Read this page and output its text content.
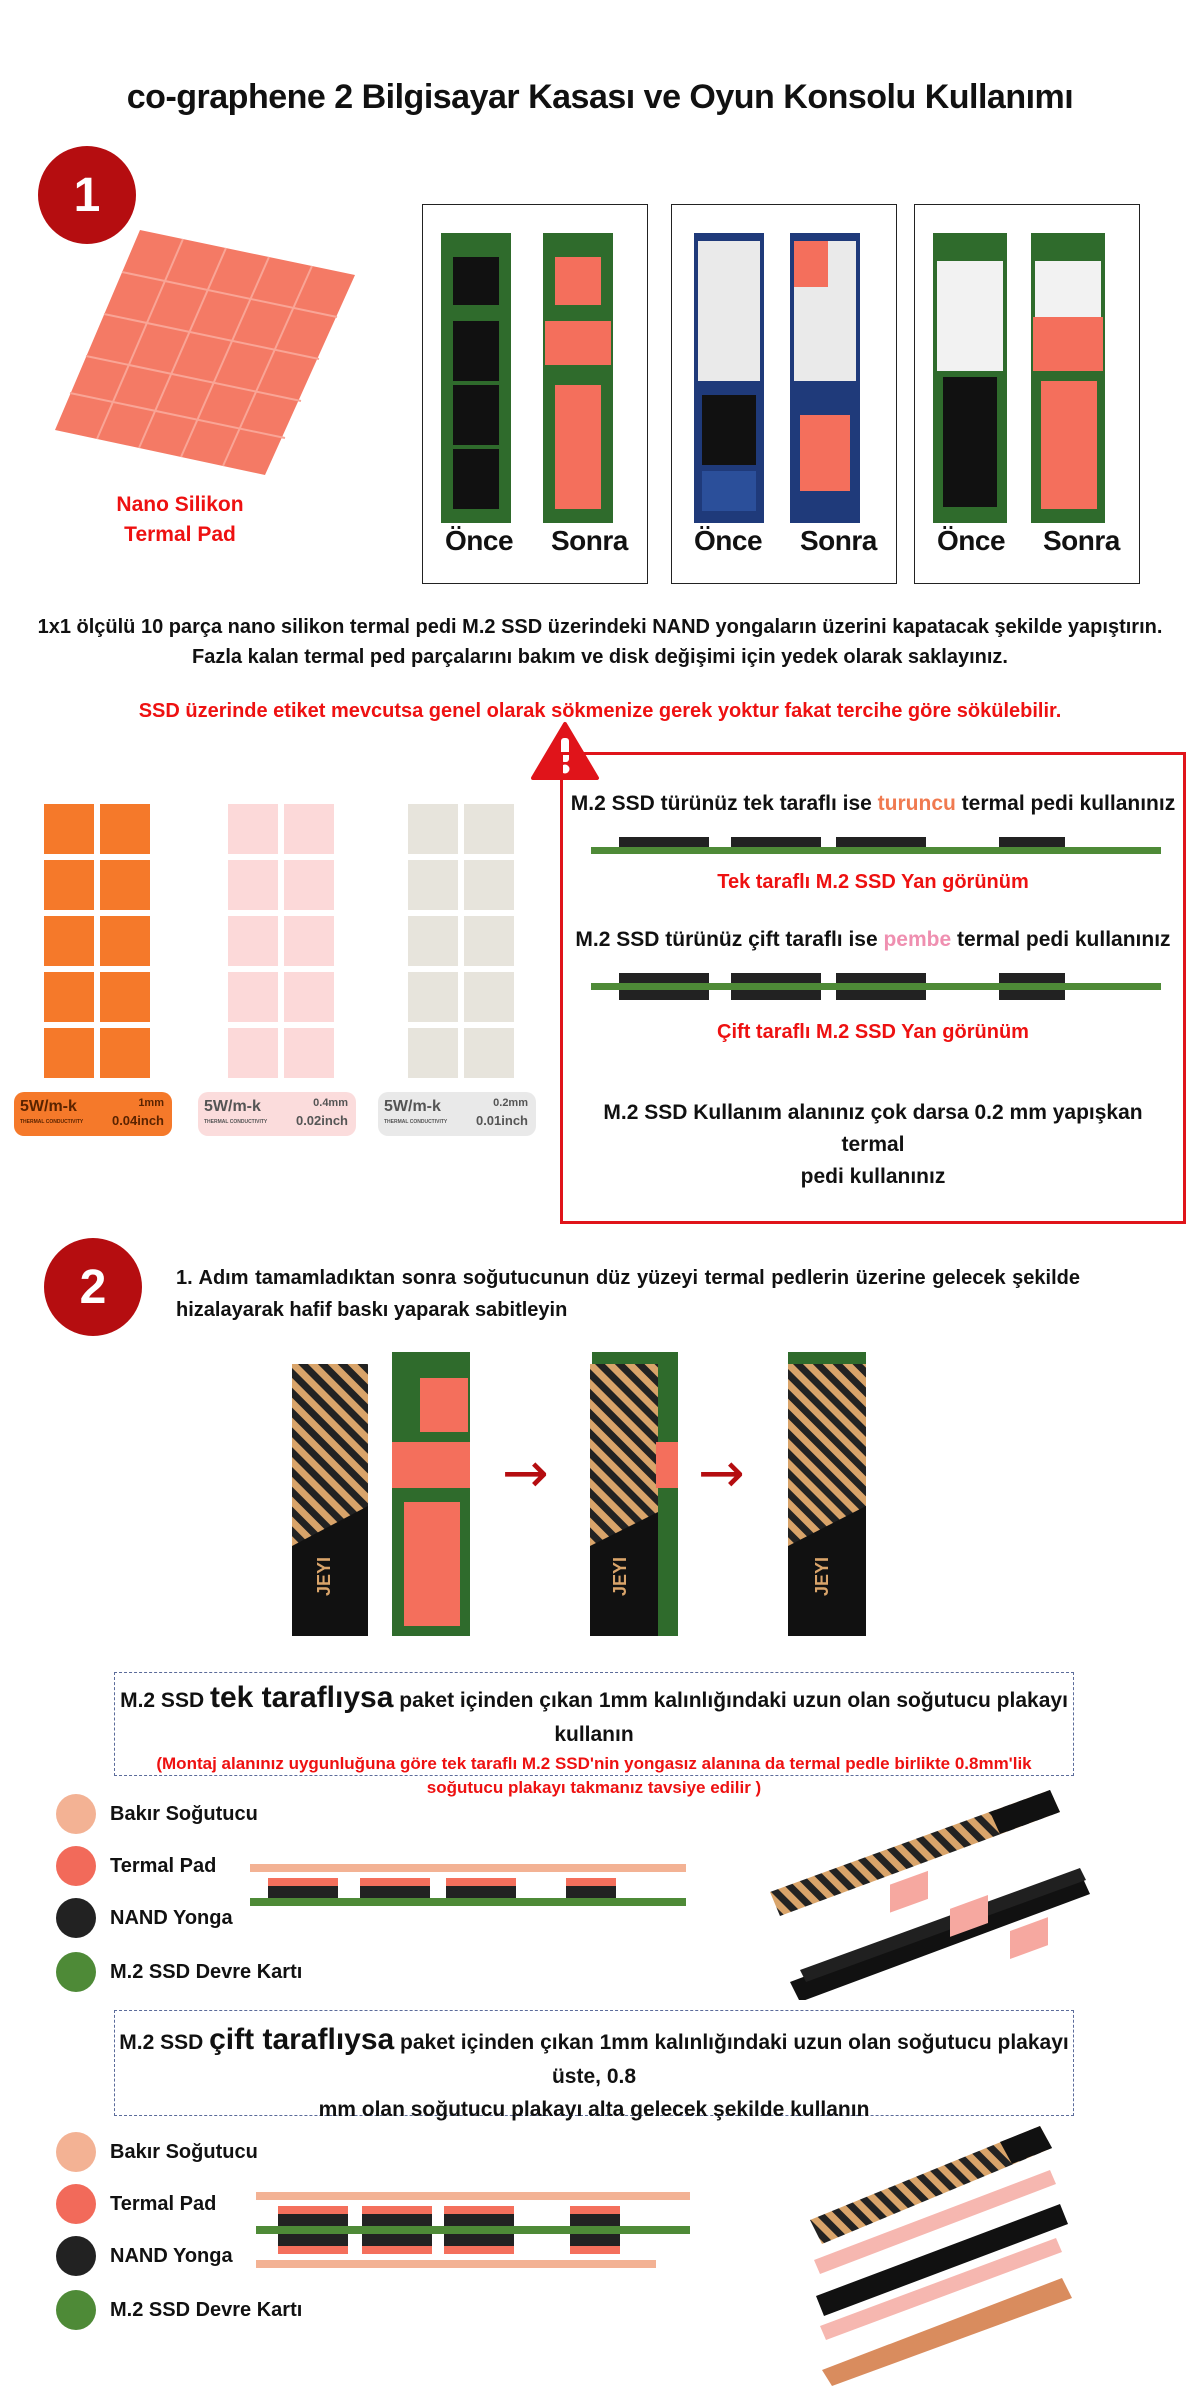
co-graphene 2 Bilgisayar Kasası ve Oyun Konsolu Kullanımı
1
Nano Silikon
Termal Pad	Önce Sonra Önce Sonra Önce Sonra
1x1 ölçülü 10 parça nano silikon termal pedi M.2 SSD üzerindeki NAND yongaların üzerini kapatacak şekilde yapıştırın.
Fazla kalan termal ped parçalarını bakım ve disk değişimi için yedek olarak saklayınız.
SSD üzerinde etiket mevcutsa genel olarak sökmenize gerek yoktur fakat tercihe göre sökülebilir.
5W/m-k
THERMAL CONDUCTIVITY
1mm
0.04inch
5W/m-k
THERMAL CONDUCTIVITY
0.4mm
0.02inch
5W/m-k
THERMAL CONDUCTIVITY
0.2mm
0.01inch
M.2 SSD türünüz tek taraflı ise turuncu termal pedi kullanınız
Tek taraflı M.2 SSD Yan görünüm
M.2 SSD türünüz çift taraflı ise pembe termal pedi kullanınız
Çift taraflı M.2 SSD Yan görünüm
M.2 SSD Kullanım alanınız çok darsa 0.2 mm yapışkan termal
pedi kullanınız
2	1. Adım tamamladıktan sonra soğutucunun düz yüzeyi termal pedlerin üzerine gelecek şekilde
hizalayarak hafif baskı yaparak sabitleyin
JEYI
→
JEYI
→
JEYI
M.2 SSD tek taraflıysa paket içinden çıkan 1mm kalınlığındaki uzun olan soğutucu plakayı kullanın
(Montaj alanınız uygunluğuna göre tek taraflı M.2 SSD'nin yongasız alanına da termal pedle birlikte 0.8mm'lik
soğutucu plakayı takmanız tavsiye edilir )
Bakır Soğutucu
Termal Pad
NAND Yonga
M.2 SSD Devre Kartı
M.2 SSD çift taraflıysa paket içinden çıkan 1mm kalınlığındaki uzun olan soğutucu plakayı üste, 0.8
mm olan soğutucu plakayı alta gelecek şekilde kullanın
Bakır Soğutucu
Termal Pad
NAND Yonga
M.2 SSD Devre Kartı
